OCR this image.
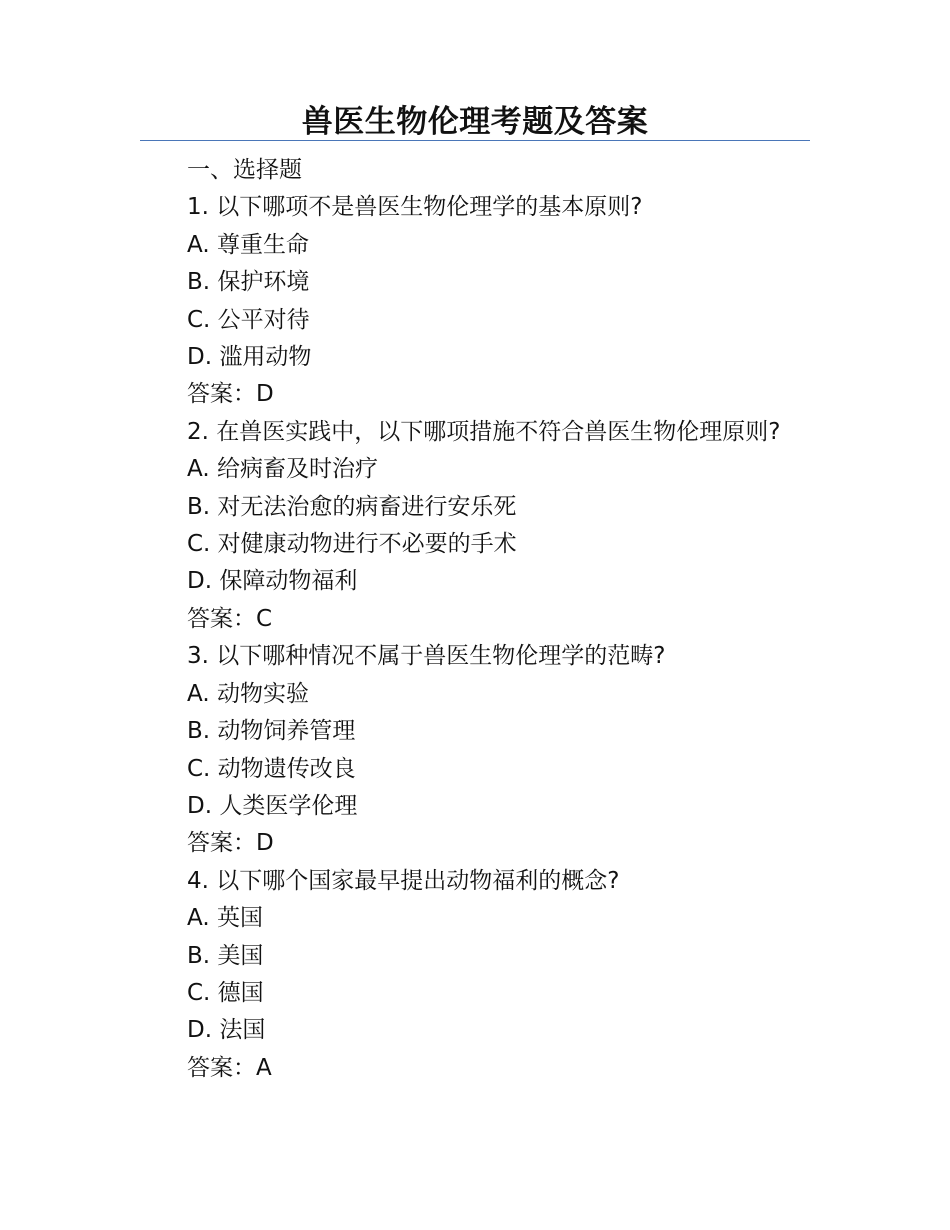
兽医生物伦理考题及答案
一、选择题
1. 以下哪项不是兽医生物伦理学的基本原则?
A. 尊重生命
B. 保护环境
C. 公平对待
D. 滥用动物
答案：D
2. 在兽医实践中，以下哪项措施不符合兽医生物伦理原则?
A. 给病畜及时治疗
B. 对无法治愈的病畜进行安乐死
C. 对健康动物进行不必要的手术
D. 保障动物福利
答案：C
3. 以下哪种情况不属于兽医生物伦理学的范畴?
A. 动物实验
B. 动物饲养管理
C. 动物遗传改良
D. 人类医学伦理
答案：D
4. 以下哪个国家最早提出动物福利的概念?
A. 英国
B. 美国
C. 德国
D. 法国
答案：A
